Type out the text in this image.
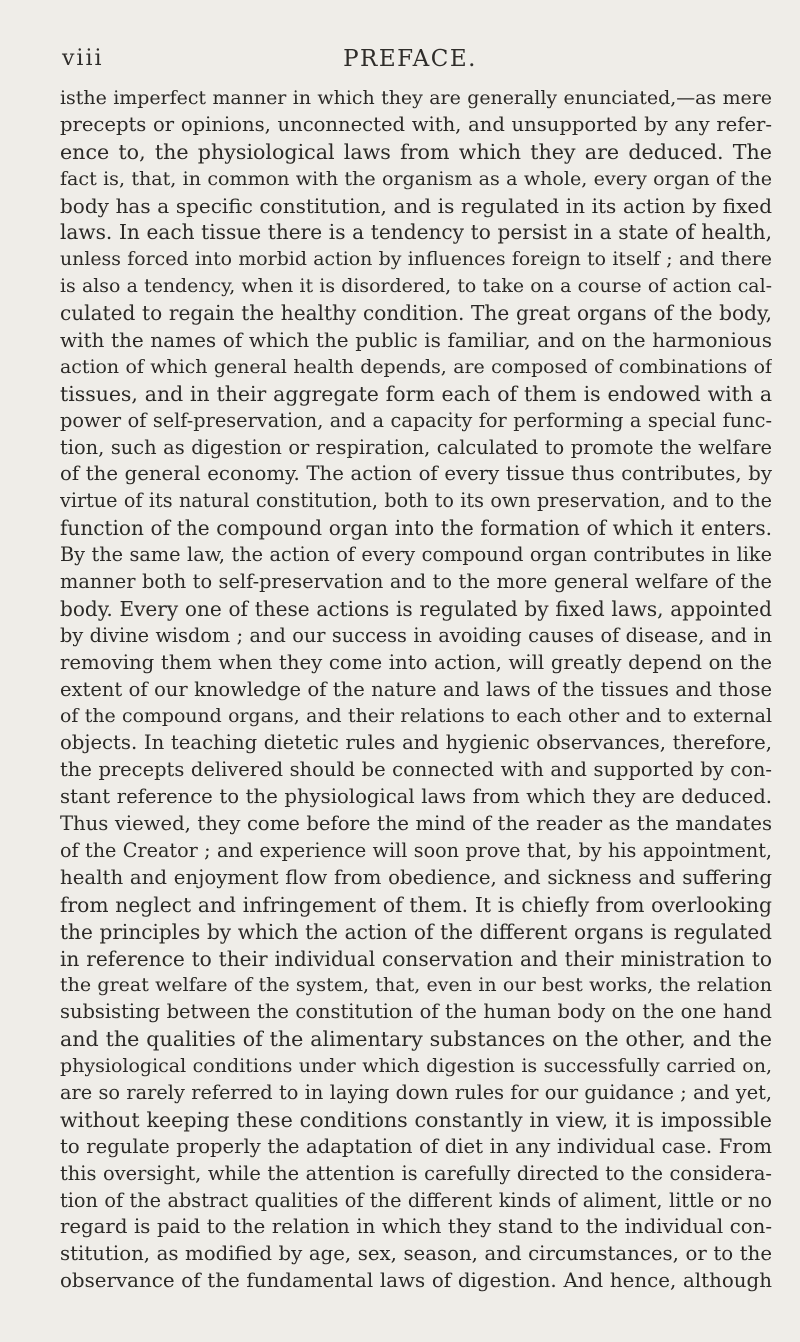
viii	PREFACE.
isthe imperfect manner in which they are generally enunciated,—as mere
precepts or opinions, unconnected with, and unsupported by any refer-
ence to, the physiological laws from which they are deduced. The
fact is, that, in common with the organism as a whole, every organ of the
body has a specific constitution, and is regulated in its action by fixed
laws. In each tissue there is a tendency to persist in a state of health,
unless forced into morbid action by influences foreign to itself ; and there
is also a tendency, when it is disordered, to take on a course of action cal-
culated to regain the healthy condition. The great organs of the body,
with the names of which the public is familiar, and on the harmonious
action of which general health depends, are composed of combinations of
tissues, and in their aggregate form each of them is endowed with a
power of self-preservation, and a capacity for performing a special func-
tion, such as digestion or respiration, calculated to promote the welfare
of the general economy. The action of every tissue thus contributes, by
virtue of its natural constitution, both to its own preservation, and to the
function of the compound organ into the formation of which it enters.
By the same law, the action of every compound organ contributes in like
manner both to self-preservation and to the more general welfare of the
body. Every one of these actions is regulated by fixed laws, appointed
by divine wisdom ; and our success in avoiding causes of disease, and in
removing them when they come into action, will greatly depend on the
extent of our knowledge of the nature and laws of the tissues and those
of the compound organs, and their relations to each other and to external
objects. In teaching dietetic rules and hygienic observances, therefore,
the precepts delivered should be connected with and supported by con-
stant reference to the physiological laws from which they are deduced.
Thus viewed, they come before the mind of the reader as the mandates
of the Creator ; and experience will soon prove that, by his appointment,
health and enjoyment flow from obedience, and sickness and suffering
from neglect and infringement of them. It is chiefly from overlooking
the principles by which the action of the different organs is regulated
in reference to their individual conservation and their ministration to
the great welfare of the system, that, even in our best works, the relation
subsisting between the constitution of the human body on the one hand
and the qualities of the alimentary substances on the other, and the
physiological conditions under which digestion is successfully carried on,
are so rarely referred to in laying down rules for our guidance ; and yet,
without keeping these conditions constantly in view, it is impossible
to regulate properly the adaptation of diet in any individual case. From
this oversight, while the attention is carefully directed to the considera-
tion of the abstract qualities of the different kinds of aliment, little or no
regard is paid to the relation in which they stand to the individual con-
stitution, as modified by age, sex, season, and circumstances, or to the
observance of the fundamental laws of digestion. And hence, although
